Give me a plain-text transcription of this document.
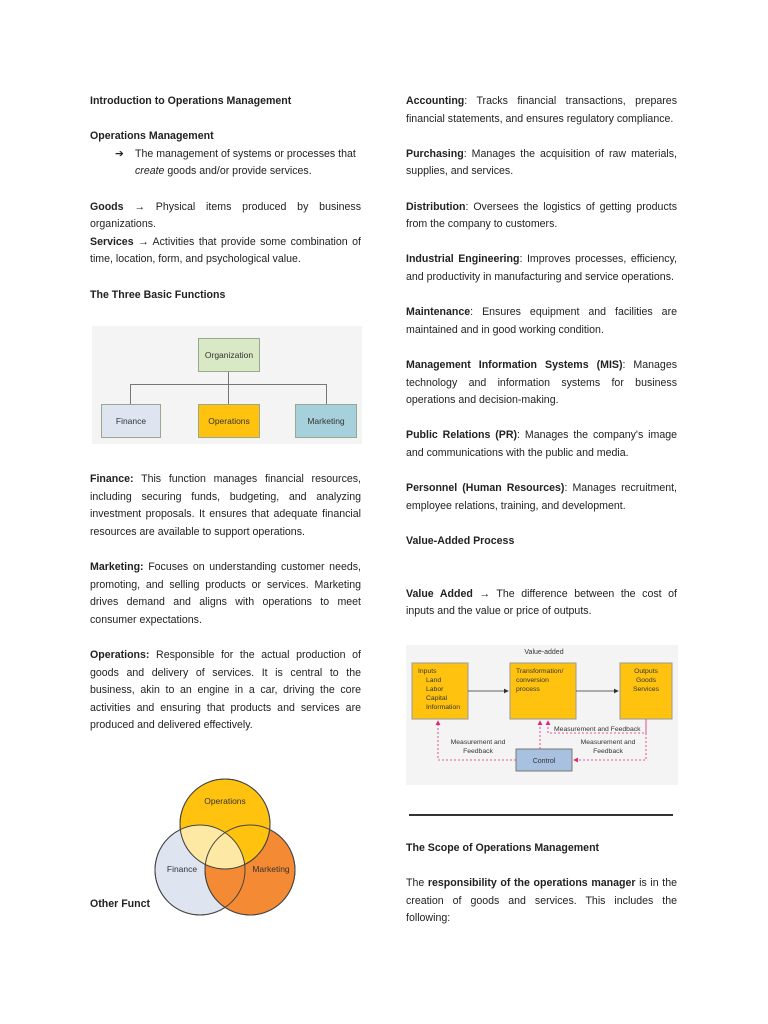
Introduction to Operations Management

Operations Management

➔	The management of systems or processes that create goods and/or provide services.

Goods → Physical items produced by business organizations.

Services → Activities that provide some combination of time, location, form, and psychological value.

The Three Basic Functions

Finance: This function manages financial resources, including securing funds, budgeting, and analyzing investment proposals. It ensures that adequate financial resources are available to support operations.

Marketing: Focuses on understanding customer needs, promoting, and selling products or services. Marketing drives demand and aligns with operations to meet consumer expectations.

Operations: Responsible for the actual production of goods and delivery of services. It is central to the business, akin to an engine in a car, driving the core activities and ensuring that products and services are produced and delivered effectively.

Organization
Finance	Operations	Marketing
Operations
Finance	Marketing
Other Funct

Accounting: Tracks financial transactions, prepares financial statements, and ensures regulatory compliance.

Purchasing: Manages the acquisition of raw materials, supplies, and services.

Distribution: Oversees the logistics of getting products from the company to customers.

Industrial Engineering: Improves processes, efficiency, and productivity in manufacturing and service operations.

Maintenance: Ensures equipment and facilities are maintained and in good working condition.

Management Information Systems (MIS): Manages technology and information systems for business operations and decision-making.

Public Relations (PR): Manages the company's image and communications with the public and media.

Personnel (Human Resources): Manages recruitment, employee relations, training, and development.

Value-Added Process

Value Added → The difference between the cost of inputs and the value or price of outputs.

Value-added
Inputs
Land
Labor
Capital
Information
Transformation/
conversion
process
Outputs
Goods
Services
Control
Measurement and Feedback
Measurement and
Feedback
Measurement and
Feedback

The Scope of Operations Management

The responsibility of the operations manager is in the creation of goods and services. This includes the following:
